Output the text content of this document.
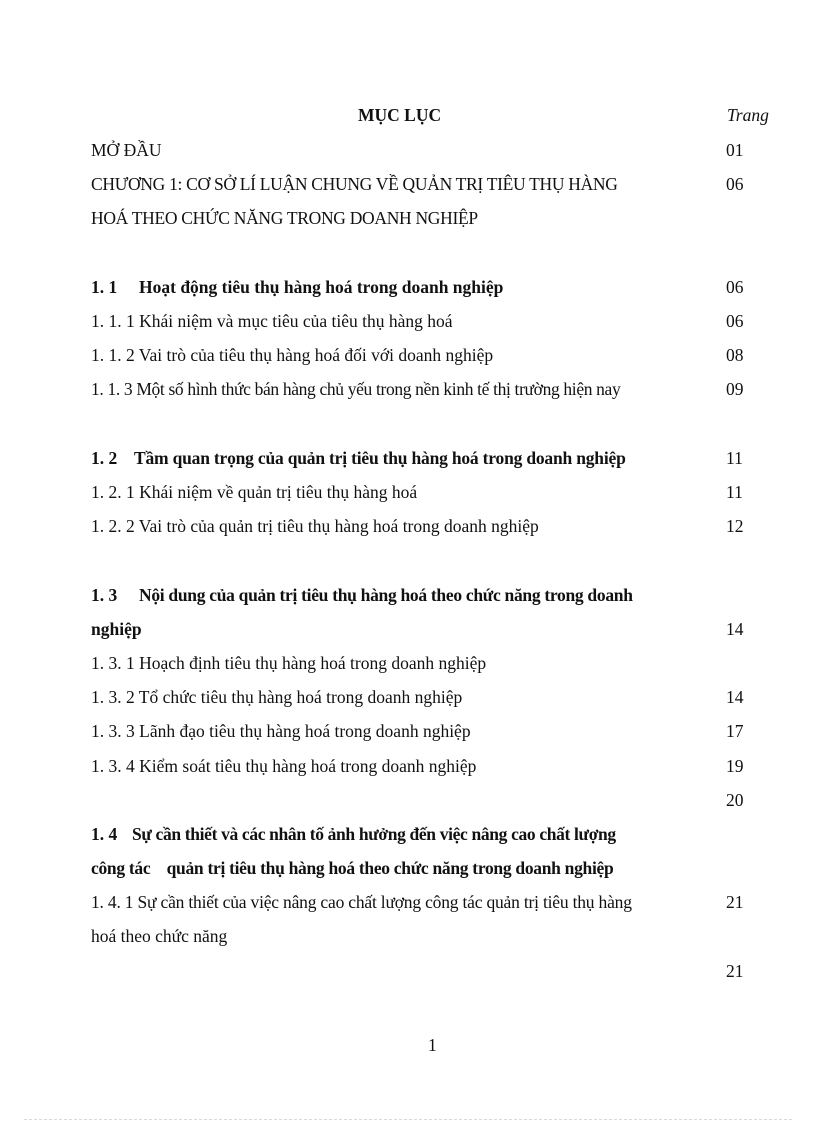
MỤC LỤC	Trang
MỞ ĐẦU	01
CHƯƠNG 1: CƠ SỞ LÍ LUẬN CHUNG VỀ QUẢN TRỊ TIÊU THỤ HÀNG	06
HOÁ THEO CHỨC NĂNG TRONG DOANH NGHIỆP
1. 1 Hoạt động tiêu thụ hàng hoá trong doanh nghiệp	06
1. 1. 1 Khái niệm và mục tiêu của tiêu thụ hàng hoá	06
1. 1. 2 Vai trò của tiêu thụ hàng hoá đối với doanh nghiệp	08
1. 1. 3 Một số hình thức bán hàng chủ yếu trong nền kinh tế thị trường hiện nay	09
1. 2 Tầm quan trọng của quản trị tiêu thụ hàng hoá trong doanh nghiệp	11
1. 2. 1 Khái niệm về quản trị tiêu thụ hàng hoá	11
1. 2. 2 Vai trò của quản trị tiêu thụ hàng hoá trong doanh nghiệp	12
1. 3 Nội dung của quản trị tiêu thụ hàng hoá theo chức năng trong doanh
nghiệp	14
1. 3. 1 Hoạch định tiêu thụ hàng hoá trong doanh nghiệp
1. 3. 2 Tổ chức tiêu thụ hàng hoá trong doanh nghiệp	14
1. 3. 3 Lãnh đạo tiêu thụ hàng hoá trong doanh nghiệp	17
1. 3. 4 Kiểm soát tiêu thụ hàng hoá trong doanh nghiệp	19
20
1. 4 Sự cần thiết và các nhân tố ảnh hưởng đến việc nâng cao chất lượng
công tác    quản trị tiêu thụ hàng hoá theo chức năng trong doanh nghiệp
1. 4. 1 Sự cần thiết của việc nâng cao chất lượng công tác quản trị tiêu thụ hàng	21
hoá theo chức năng
21
1
